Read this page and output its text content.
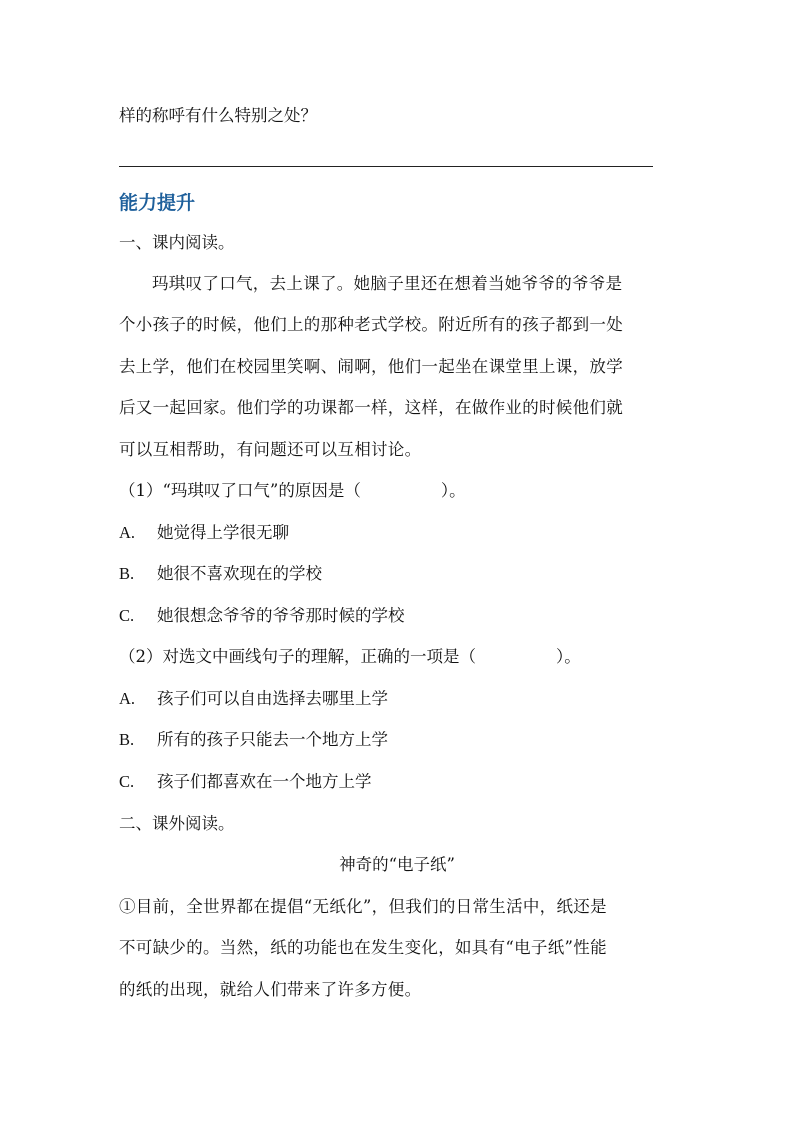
样的称呼有什么特别之处？
能力提升
一、课内阅读。
玛琪叹了口气，去上课了。她脑子里还在想着当她爷爷的爷爷是
个小孩子的时候，他们上的那种老式学校。附近所有的孩子都到一处
去上学，他们在校园里笑啊、闹啊，他们一起坐在课堂里上课，放学
后又一起回家。他们学的功课都一样，这样，在做作业的时候他们就
可以互相帮助，有问题还可以互相讨论。
（1）“玛琪叹了口气”的原因是（	）。
A. 她觉得上学很无聊
B. 她很不喜欢现在的学校
C. 她很想念爷爷的爷爷那时候的学校
（2）对选文中画线句子的理解，正确的一项是（	）。
A. 孩子们可以自由选择去哪里上学
B. 所有的孩子只能去一个地方上学
C. 孩子们都喜欢在一个地方上学
二、课外阅读。
神奇的“电子纸”
①目前，全世界都在提倡“无纸化”，但我们的日常生活中，纸还是
不可缺少的。当然，纸的功能也在发生变化，如具有“电子纸”性能
的纸的出现，就给人们带来了许多方便。
